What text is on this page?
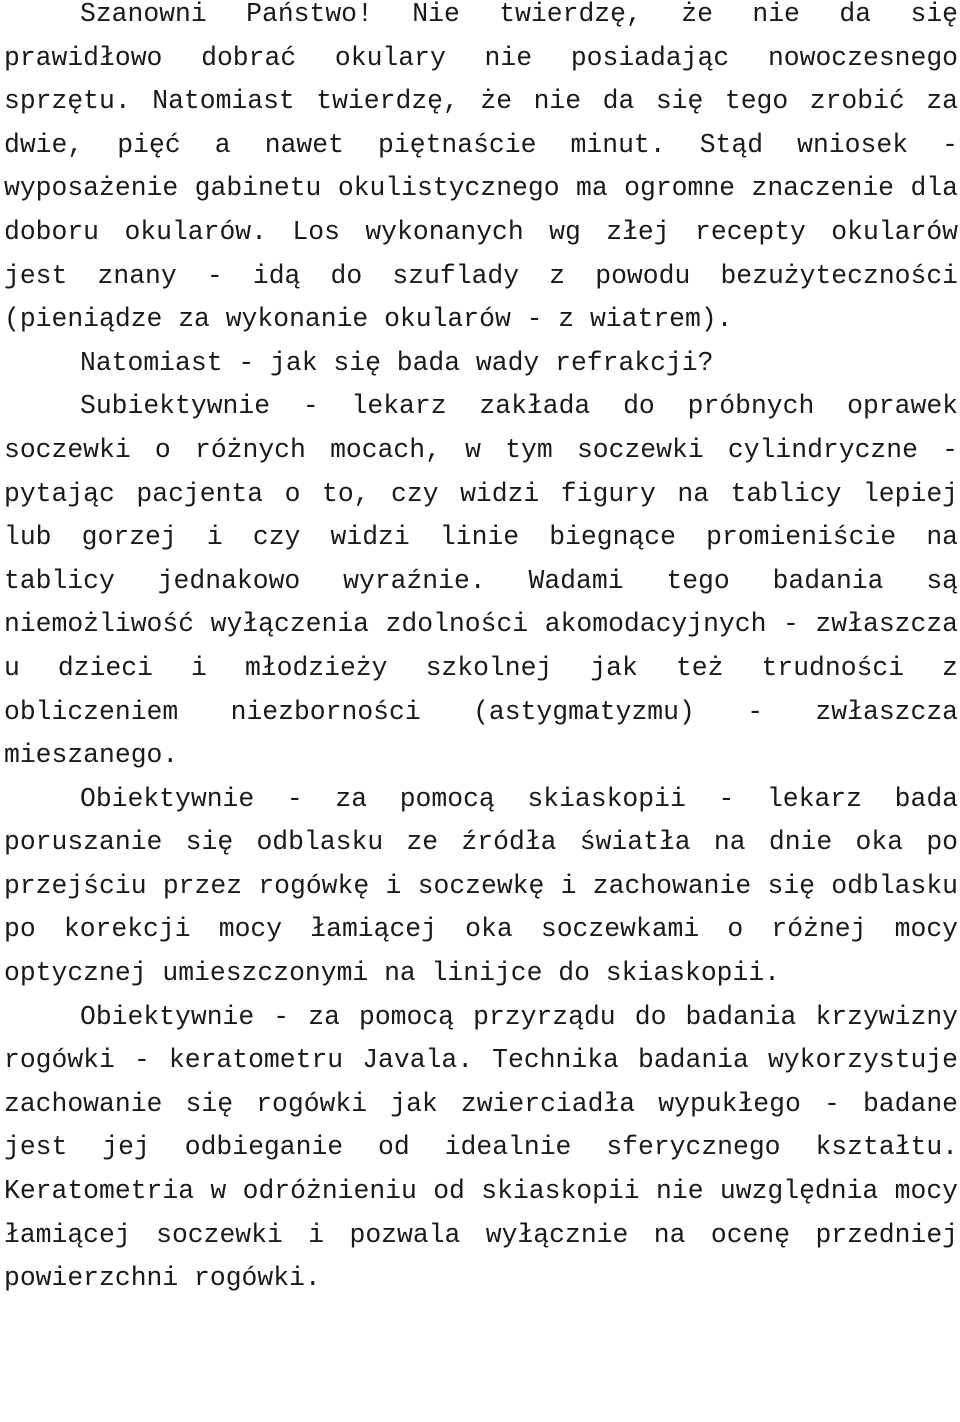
Szanowni Państwo! Nie twierdzę, że nie da się prawidłowo dobrać okulary nie posiadając nowoczesnego sprzętu. Natomiast twierdzę, że nie da się tego zrobić za dwie, pięć a nawet piętnaście minut. Stąd wniosek - wyposażenie gabinetu okulistycznego ma ogromne znaczenie dla doboru okularów. Los wykonanych wg złej recepty okularów jest znany - idą do szuflady z powodu bezużyteczności (pieniądze za wykonanie okularów - z wiatrem).

Natomiast - jak się bada wady refrakcji?

Subiektywnie - lekarz zakłada do próbnych oprawek soczewki o różnych mocach, w tym soczewki cylindryczne - pytając pacjenta o to, czy widzi figury na tablicy lepiej lub gorzej i czy widzi linie biegnące promieniście na tablicy jednakowo wyraźnie. Wadami tego badania są niemożliwość wyłączenia zdolności akomodacyjnych - zwłaszcza u dzieci i młodzieży szkolnej jak też trudności z obliczeniem niezborności (astygmatyzmu) - zwłaszcza mieszanego.

Obiektywnie - za pomocą skiaskopii - lekarz bada poruszanie się odblasku ze źródła światła na dnie oka po przejściu przez rogówkę i soczewkę i zachowanie się odblasku po korekcji mocy łamiącej oka soczewkami o różnej mocy optycznej umieszczonymi na linijce do skiaskopii.

Obiektywnie - za pomocą przyrządu do badania krzywizny rogówki - keratometru Javala. Technika badania wykorzystuje zachowanie się rogówki jak zwierciadła wypukłego - badane jest jej odbieganie od idealnie sferycznego kształtu. Keratometria w odróżnieniu od skiaskopii nie uwzględnia mocy łamiącej soczewki i pozwala wyłącznie na ocenę przedniej powierzchni rogówki.
